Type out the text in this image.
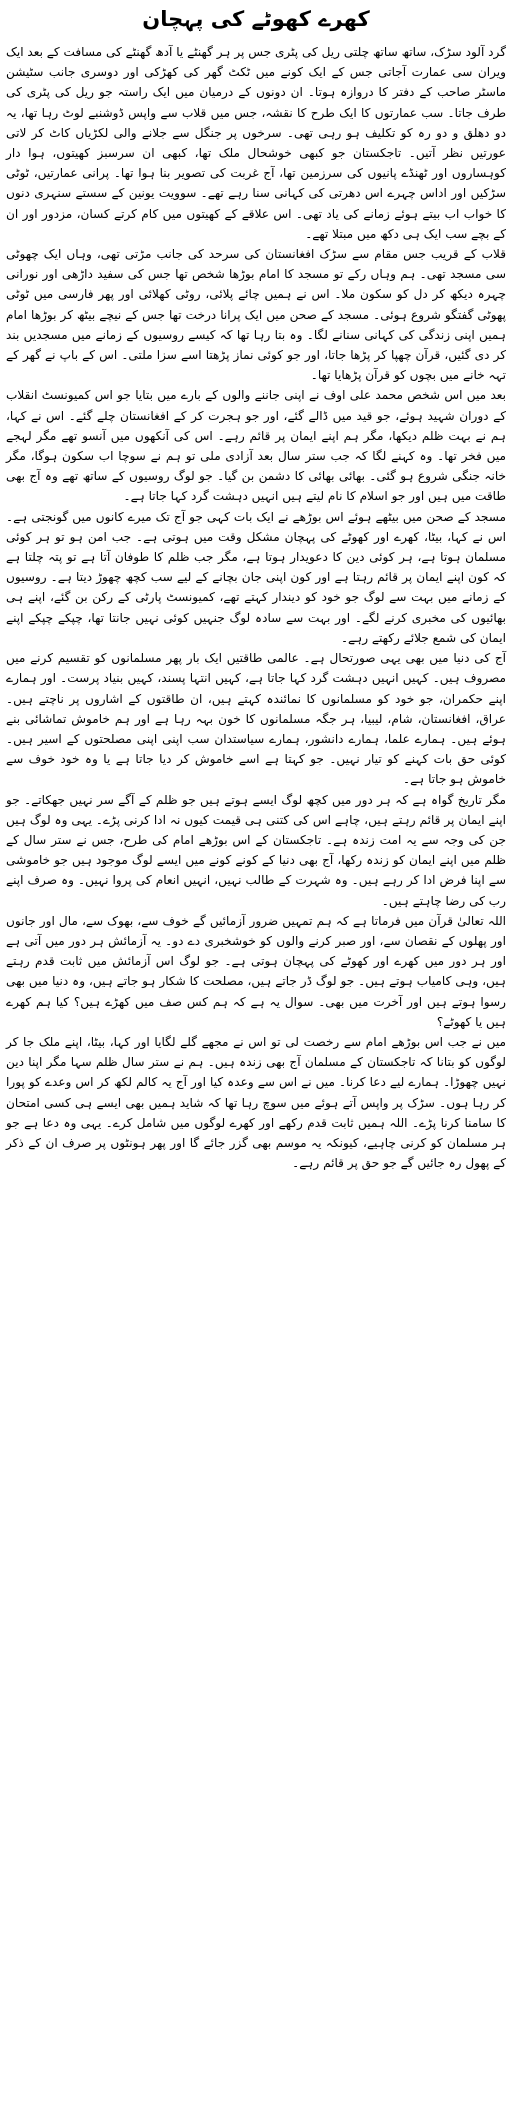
کھرے کھوٹے کی پہچان

گرد آلود سڑک، ساتھ ساتھ چلتی ریل کی پٹری جس پر ہر گھنٹے یا آدھ گھنٹے کی مسافت کے بعد ایک ویران سی عمارت آجاتی جس کے ایک کونے میں ٹکٹ گھر کی کھڑکی اور دوسری جانب سٹیشن ماسٹر صاحب کے دفتر کا دروازہ ہوتا۔ ان دونوں کے درمیان میں ایک راستہ جو ریل کی پٹری کی طرف جاتا۔ سب عمارتوں کا ایک طرح کا نقشہ، جس میں قلاب سے واپس ڈوشنبے لوٹ رہا تھا، یہ دو دھلق و دو رہ کو تکلیف ہو رہی تھی۔ سرخوں پر جنگل سے جلانے والی لکڑیاں کاٹ کر لاتی عورتیں نظر آتیں۔ تاجکستان جو کبھی خوشحال ملک تھا، کبھی ان سرسبز کھیتوں، ہوا دار کوہساروں اور ٹھنڈے پانیوں کی سرزمین تھا، آج غربت کی تصویر بنا ہوا تھا۔ پرانی عمارتیں، ٹوٹی سڑکیں اور اداس چہرے اس دھرتی کی کہانی سنا رہے تھے۔ سوویت یونین کے سستے سنہری دنوں کا خواب اب بیتے ہوئے زمانے کی یاد تھی۔ اس علاقے کے کھیتوں میں کام کرتے کسان، مزدور اور ان کے بچے سب ایک ہی دکھ میں مبتلا تھے۔

قلاب کے قریب جس مقام سے سڑک افغانستان کی سرحد کی جانب مڑتی تھی، وہاں ایک چھوٹی سی مسجد تھی۔ ہم وہاں رکے تو مسجد کا امام بوڑھا شخص تھا جس کی سفید داڑھی اور نورانی چہرہ دیکھ کر دل کو سکون ملا۔ اس نے ہمیں چائے پلائی، روٹی کھلائی اور پھر فارسی میں ٹوٹی پھوٹی گفتگو شروع ہوئی۔ مسجد کے صحن میں ایک پرانا درخت تھا جس کے نیچے بیٹھ کر بوڑھا امام ہمیں اپنی زندگی کی کہانی سنانے لگا۔ وہ بتا رہا تھا کہ کیسے روسیوں کے زمانے میں مسجدیں بند کر دی گئیں، قرآن چھپا کر پڑھا جاتا، اور جو کوئی نماز پڑھتا اسے سزا ملتی۔ اس کے باپ نے گھر کے تہہ خانے میں بچوں کو قرآن پڑھایا تھا۔

بعد میں اس شخص محمد علی اوف نے اپنی جاننے والوں کے بارے میں بتایا جو اس کمیونسٹ انقلاب کے دوران شہید ہوئے، جو قید میں ڈالے گئے، اور جو ہجرت کر کے افغانستان چلے گئے۔ اس نے کہا، ہم نے بہت ظلم دیکھا، مگر ہم اپنے ایمان پر قائم رہے۔ اس کی آنکھوں میں آنسو تھے مگر لہجے میں فخر تھا۔ وہ کہنے لگا کہ جب ستر سال بعد آزادی ملی تو ہم نے سوچا اب سکون ہوگا، مگر خانہ جنگی شروع ہو گئی۔ بھائی بھائی کا دشمن بن گیا۔ جو لوگ روسیوں کے ساتھ تھے وہ آج بھی طاقت میں ہیں اور جو اسلام کا نام لیتے ہیں انہیں دہشت گرد کہا جاتا ہے۔

مسجد کے صحن میں بیٹھے ہوئے اس بوڑھے نے ایک بات کہی جو آج تک میرے کانوں میں گونجتی ہے۔ اس نے کہا، بیٹا، کھرے اور کھوٹے کی پہچان مشکل وقت میں ہوتی ہے۔ جب امن ہو تو ہر کوئی مسلمان ہوتا ہے، ہر کوئی دین کا دعویدار ہوتا ہے، مگر جب ظلم کا طوفان آتا ہے تو پتہ چلتا ہے کہ کون اپنے ایمان پر قائم رہتا ہے اور کون اپنی جان بچانے کے لیے سب کچھ چھوڑ دیتا ہے۔ روسیوں کے زمانے میں بہت سے لوگ جو خود کو دیندار کہتے تھے، کمیونسٹ پارٹی کے رکن بن گئے، اپنے ہی بھائیوں کی مخبری کرنے لگے۔ اور بہت سے سادہ لوگ جنہیں کوئی نہیں جانتا تھا، چپکے چپکے اپنے ایمان کی شمع جلائے رکھتے رہے۔

آج کی دنیا میں بھی یہی صورتحال ہے۔ عالمی طاقتیں ایک بار پھر مسلمانوں کو تقسیم کرنے میں مصروف ہیں۔ کہیں انہیں دہشت گرد کہا جاتا ہے، کہیں انتہا پسند، کہیں بنیاد پرست۔ اور ہمارے اپنے حکمران، جو خود کو مسلمانوں کا نمائندہ کہتے ہیں، ان طاقتوں کے اشاروں پر ناچتے ہیں۔ عراق، افغانستان، شام، لیبیا، ہر جگہ مسلمانوں کا خون بہہ رہا ہے اور ہم خاموش تماشائی بنے ہوئے ہیں۔ ہمارے علما، ہمارے دانشور، ہمارے سیاستدان سب اپنی اپنی مصلحتوں کے اسیر ہیں۔ کوئی حق بات کہنے کو تیار نہیں۔ جو کہتا ہے اسے خاموش کر دیا جاتا ہے یا وہ خود خوف سے خاموش ہو جاتا ہے۔

مگر تاریخ گواہ ہے کہ ہر دور میں کچھ لوگ ایسے ہوتے ہیں جو ظلم کے آگے سر نہیں جھکاتے۔ جو اپنے ایمان پر قائم رہتے ہیں، چاہے اس کی کتنی ہی قیمت کیوں نہ ادا کرنی پڑے۔ یہی وہ لوگ ہیں جن کی وجہ سے یہ امت زندہ ہے۔ تاجکستان کے اس بوڑھے امام کی طرح، جس نے ستر سال کے ظلم میں اپنے ایمان کو زندہ رکھا، آج بھی دنیا کے کونے کونے میں ایسے لوگ موجود ہیں جو خاموشی سے اپنا فرض ادا کر رہے ہیں۔ وہ شہرت کے طالب نہیں، انہیں انعام کی پروا نہیں۔ وہ صرف اپنے رب کی رضا چاہتے ہیں۔

اللہ تعالیٰ قرآن میں فرماتا ہے کہ ہم تمہیں ضرور آزمائیں گے خوف سے، بھوک سے، مال اور جانوں اور پھلوں کے نقصان سے، اور صبر کرنے والوں کو خوشخبری دے دو۔ یہ آزمائش ہر دور میں آتی ہے اور ہر دور میں کھرے اور کھوٹے کی پہچان ہوتی ہے۔ جو لوگ اس آزمائش میں ثابت قدم رہتے ہیں، وہی کامیاب ہوتے ہیں۔ جو لوگ ڈر جاتے ہیں، مصلحت کا شکار ہو جاتے ہیں، وہ دنیا میں بھی رسوا ہوتے ہیں اور آخرت میں بھی۔ سوال یہ ہے کہ ہم کس صف میں کھڑے ہیں؟ کیا ہم کھرے ہیں یا کھوٹے؟

میں نے جب اس بوڑھے امام سے رخصت لی تو اس نے مجھے گلے لگایا اور کہا، بیٹا، اپنے ملک جا کر لوگوں کو بتانا کہ تاجکستان کے مسلمان آج بھی زندہ ہیں۔ ہم نے ستر سال ظلم سہا مگر اپنا دین نہیں چھوڑا۔ ہمارے لیے دعا کرنا۔ میں نے اس سے وعدہ کیا اور آج یہ کالم لکھ کر اس وعدے کو پورا کر رہا ہوں۔ سڑک پر واپس آتے ہوئے میں سوچ رہا تھا کہ شاید ہمیں بھی ایسے ہی کسی امتحان کا سامنا کرنا پڑے۔ اللہ ہمیں ثابت قدم رکھے اور کھرے لوگوں میں شامل کرے۔ یہی وہ دعا ہے جو ہر مسلمان کو کرنی چاہیے، کیونکہ یہ موسم بھی گزر جائے گا اور پھر ہونٹوں پر صرف ان کے ذکر کے پھول رہ جائیں گے جو حق پر قائم رہے۔
